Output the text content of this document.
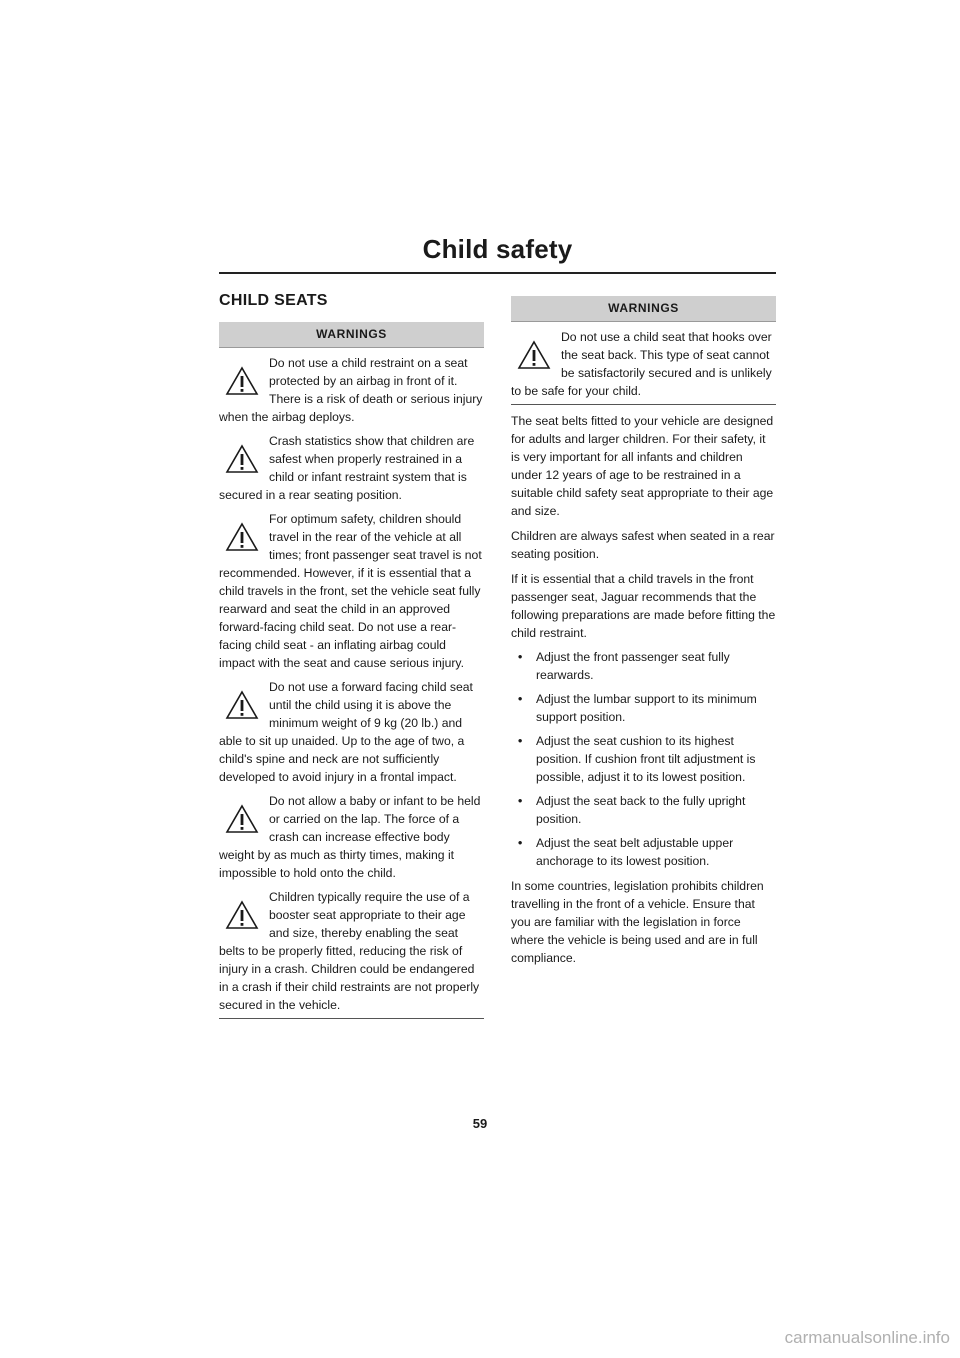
Child safety
CHILD SEATS
WARNINGS

Do not use a child restraint on a seat protected by an airbag in front of it. There is a risk of death or serious injury when the airbag deploys.

Crash statistics show that children are safest when properly restrained in a child or infant restraint system that is secured in a rear seating position.

For optimum safety, children should travel in the rear of the vehicle at all times; front passenger seat travel is not recommended. However, if it is essential that a child travels in the front, set the vehicle seat fully rearward and seat the child in an approved forward-facing child seat. Do not use a rear-facing child seat - an inflating airbag could impact with the seat and cause serious injury.

Do not use a forward facing child seat until the child using it is above the minimum weight of 9 kg (20 lb.) and able to sit up unaided. Up to the age of two, a child's spine and neck are not sufficiently developed to avoid injury in a frontal impact.

Do not allow a baby or infant to be held or carried on the lap. The force of a crash can increase effective body weight by as much as thirty times, making it impossible to hold onto the child.

Children typically require the use of a booster seat appropriate to their age and size, thereby enabling the seat belts to be properly fitted, reducing the risk of injury in a crash. Children could be endangered in a crash if their child restraints are not properly secured in the vehicle.

WARNINGS

Do not use a child seat that hooks over the seat back. This type of seat cannot be satisfactorily secured and is unlikely to be safe for your child.

The seat belts fitted to your vehicle are designed for adults and larger children. For their safety, it is very important for all infants and children under 12 years of age to be restrained in a suitable child safety seat appropriate to their age and size.

Children are always safest when seated in a rear seating position.

If it is essential that a child travels in the front passenger seat, Jaguar recommends that the following preparations are made before fitting the child restraint.

• Adjust the front passenger seat fully rearwards.
• Adjust the lumbar support to its minimum support position.
• Adjust the seat cushion to its highest position. If cushion front tilt adjustment is possible, adjust it to its lowest position.
• Adjust the seat back to the fully upright position.
• Adjust the seat belt adjustable upper anchorage to its lowest position.

In some countries, legislation prohibits children travelling in the front of a vehicle. Ensure that you are familiar with the legislation in force where the vehicle is being used and are in full compliance.

59
carmanualsonline.info
